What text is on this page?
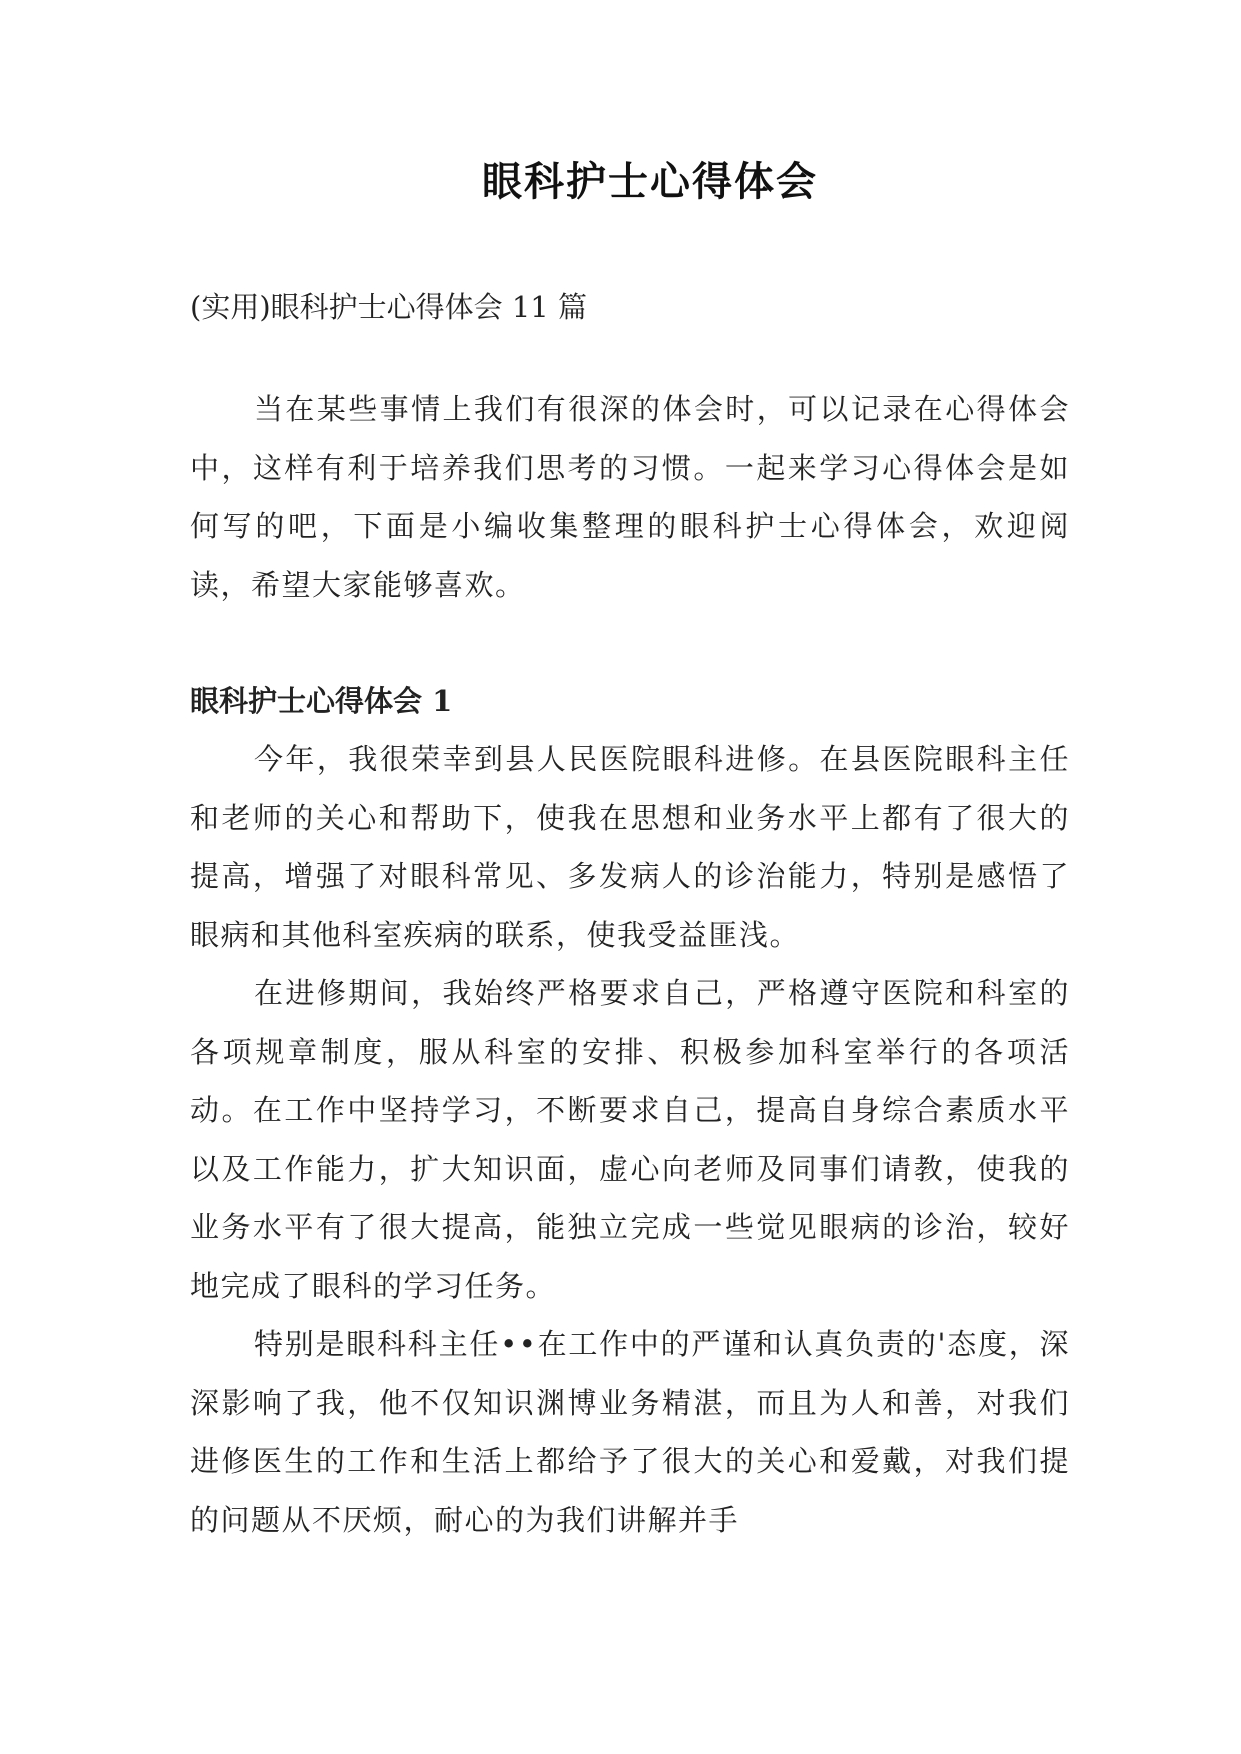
眼科护士心得体会

(实用)眼科护士心得体会 11 篇

当在某些事情上我们有很深的体会时，可以记录在心得体会中，这样有利于培养我们思考的习惯。一起来学习心得体会是如何写的吧，下面是小编收集整理的眼科护士心得体会，欢迎阅读，希望大家能够喜欢。

眼科护士心得体会 1

今年，我很荣幸到县人民医院眼科进修。在县医院眼科主任和老师的关心和帮助下，使我在思想和业务水平上都有了很大的提高，增强了对眼科常见、多发病人的诊治能力，特别是感悟了眼病和其他科室疾病的联系，使我受益匪浅。

在进修期间，我始终严格要求自己，严格遵守医院和科室的各项规章制度，服从科室的安排、积极参加科室举行的各项活动。在工作中坚持学习，不断要求自己，提高自身综合素质水平以及工作能力，扩大知识面，虚心向老师及同事们请教，使我的业务水平有了很大提高，能独立完成一些觉见眼病的诊治，较好地完成了眼科的学习任务。

特别是眼科科主任••在工作中的严谨和认真负责的'态度，深深影响了我，他不仅知识渊博业务精湛，而且为人和善，对我们进修医生的工作和生活上都给予了很大的关心和爱戴，对我们提的问题从不厌烦，耐心的为我们讲解并手
